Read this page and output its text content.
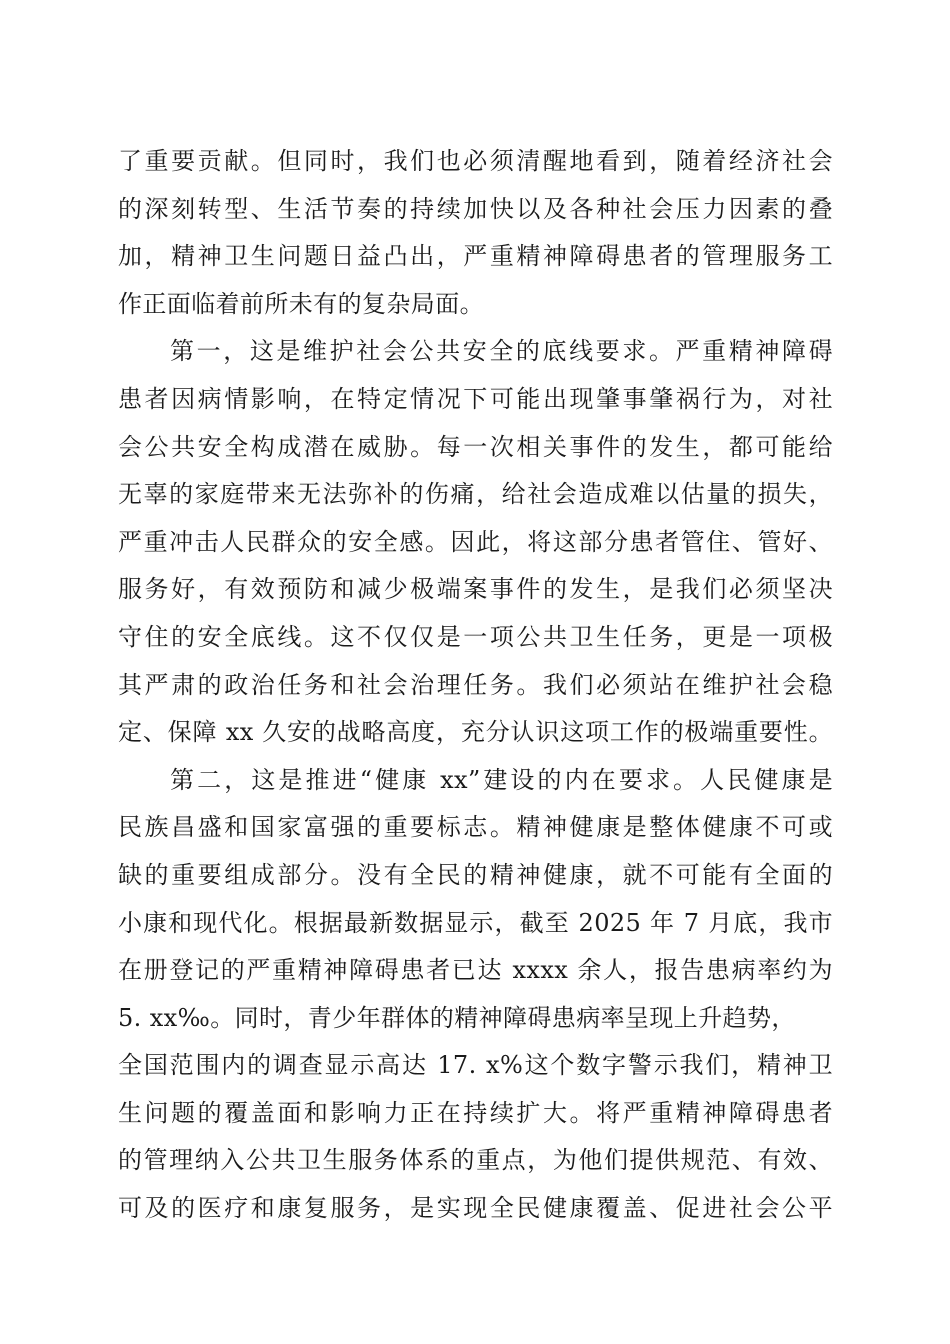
了重要贡献。但同时，我们也必须清醒地看到，随着经济社会
的深刻转型、生活节奏的持续加快以及各种社会压力因素的叠
加，精神卫生问题日益凸出，严重精神障碍患者的管理服务工
作正面临着前所未有的复杂局面。
第一，这是维护社会公共安全的底线要求。严重精神障碍
患者因病情影响，在特定情况下可能出现肇事肇祸行为，对社
会公共安全构成潜在威胁。每一次相关事件的发生，都可能给
无辜的家庭带来无法弥补的伤痛，给社会造成难以估量的损失，
严重冲击人民群众的安全感。因此，将这部分患者管住、管好、
服务好，有效预防和减少极端案事件的发生，是我们必须坚决
守住的安全底线。这不仅仅是一项公共卫生任务，更是一项极
其严肃的政治任务和社会治理任务。我们必须站在维护社会稳
定、保障 xx 久安的战略高度，充分认识这项工作的极端重要性。
第二，这是推进“健康 xx”建设的内在要求。人民健康是
民族昌盛和国家富强的重要标志。精神健康是整体健康不可或
缺的重要组成部分。没有全民的精神健康，就不可能有全面的
小康和现代化。根据最新数据显示，截至 2025 年 7 月底，我市
在册登记的严重精神障碍患者已达 xxxx 余人，报告患病率约为
5. xx‰。同时，青少年群体的精神障碍患病率呈现上升趋势，
全国范围内的调查显示高达 17. x%这个数字警示我们，精神卫
生问题的覆盖面和影响力正在持续扩大。将严重精神障碍患者
的管理纳入公共卫生服务体系的重点，为他们提供规范、有效、
可及的医疗和康复服务，是实现全民健康覆盖、促进社会公平
